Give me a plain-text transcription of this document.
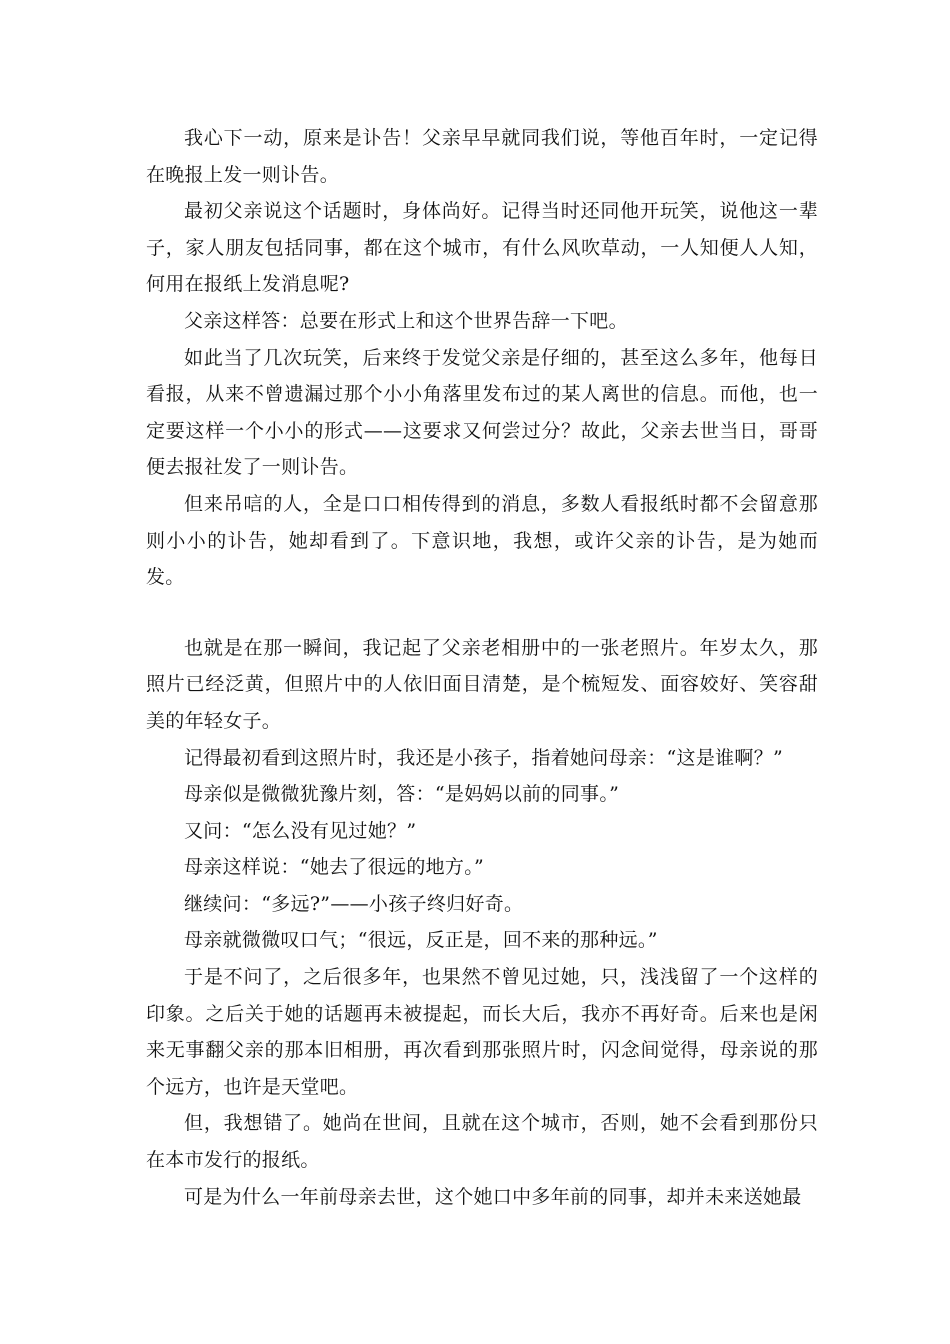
我心下一动，原来是讣告！父亲早早就同我们说，等他百年时，一定记得在晚报上发一则讣告。

最初父亲说这个话题时，身体尚好。记得当时还同他开玩笑，说他这一辈子，家人朋友包括同事，都在这个城市，有什么风吹草动，一人知便人人知，何用在报纸上发消息呢?

父亲这样答：总要在形式上和这个世界告辞一下吧。

如此当了几次玩笑，后来终于发觉父亲是仔细的，甚至这么多年，他每日看报，从来不曾遗漏过那个小小角落里发布过的某人离世的信息。而他，也一定要这样一个小小的形式——这要求又何尝过分？故此，父亲去世当日，哥哥便去报社发了一则讣告。

但来吊唁的人，全是口口相传得到的消息，多数人看报纸时都不会留意那则小小的讣告，她却看到了。下意识地，我想，或许父亲的讣告，是为她而发。

也就是在那一瞬间，我记起了父亲老相册中的一张老照片。年岁太久，那照片已经泛黄，但照片中的人依旧面目清楚，是个梳短发、面容姣好、笑容甜美的年轻女子。

记得最初看到这照片时，我还是小孩子，指着她问母亲：“这是谁啊？”

母亲似是微微犹豫片刻，答：“是妈妈以前的同事。”

又问：“怎么没有见过她？”

母亲这样说：“她去了很远的地方。”

继续问：“多远?”——小孩子终归好奇。

母亲就微微叹口气；“很远，反正是，回不来的那种远。”

于是不问了，之后很多年，也果然不曾见过她，只，浅浅留了一个这样的印象。之后关于她的话题再未被提起，而长大后，我亦不再好奇。后来也是闲来无事翻父亲的那本旧相册，再次看到那张照片时，闪念间觉得，母亲说的那个远方，也许是天堂吧。

但，我想错了。她尚在世间，且就在这个城市，否则，她不会看到那份只在本市发行的报纸。

可是为什么一年前母亲去世，这个她口中多年前的同事，却并未来送她最
